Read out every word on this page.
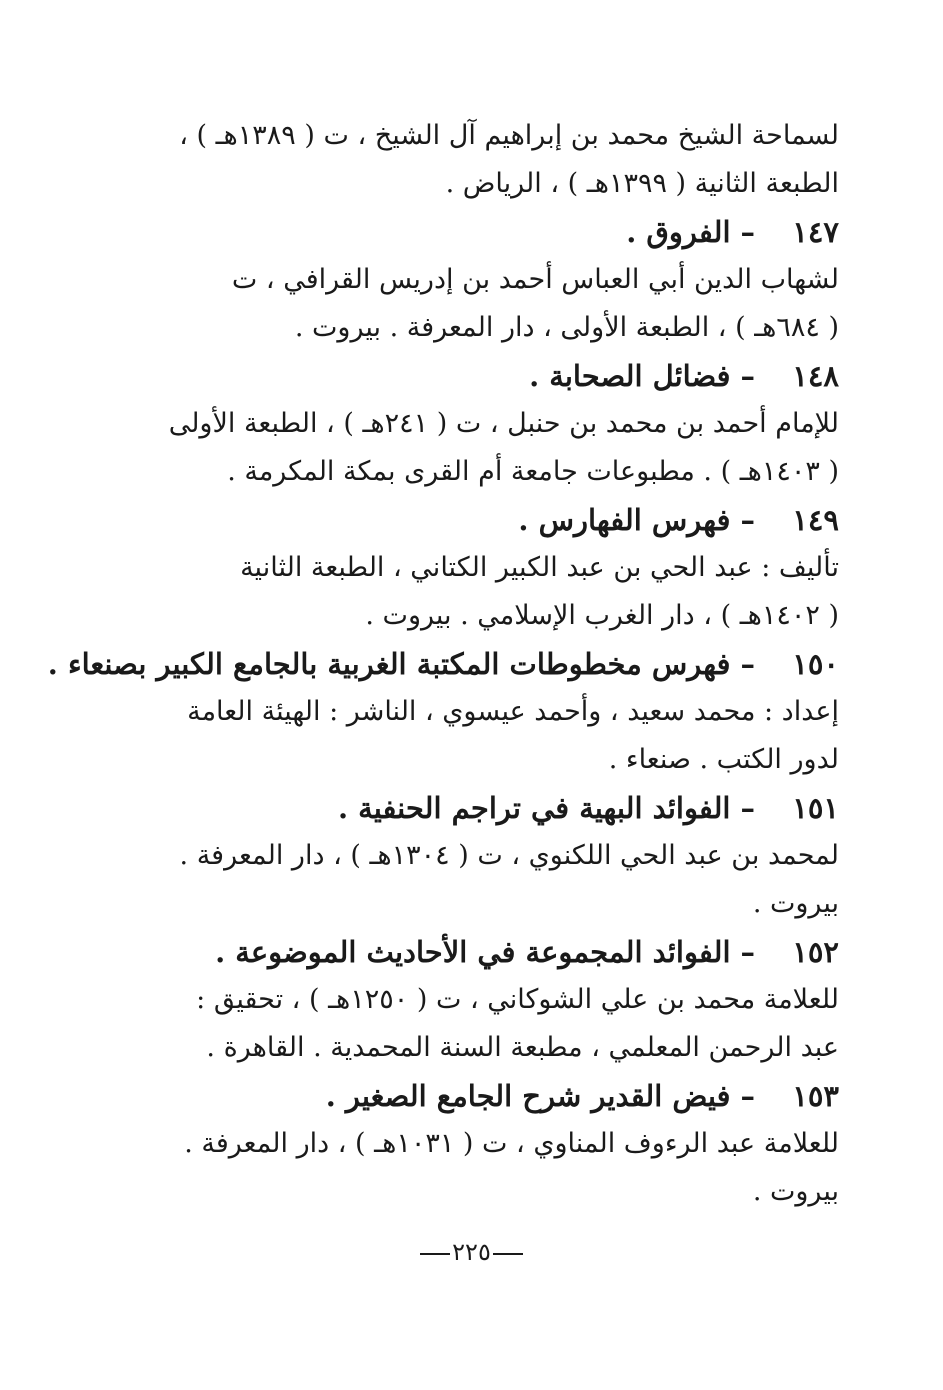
لسماحة الشيخ محمد بن إبراهيم آل الشيخ ، ت ( ١٣٨٩هـ ) ،
الطبعة الثانية ( ١٣٩٩هـ ) ، الرياض .

١٤٧–الفروق .

لشهاب الدين أبي العباس أحمد بن إدريس القرافي ، ت
( ٦٨٤هـ ) ، الطبعة الأولى ، دار المعرفة . بيروت .

١٤٨–فضائل الصحابة .

للإمام أحمد بن محمد بن حنبل ، ت ( ٢٤١هـ ) ، الطبعة الأولى
( ١٤٠٣هـ ) . مطبوعات جامعة أم القرى بمكة المكرمة .

١٤٩–فهرس الفهارس .

تأليف : عبد الحي بن عبد الكبير الكتاني ، الطبعة الثانية
( ١٤٠٢هـ ) ، دار الغرب الإسلامي . بيروت .

١٥٠–فهرس مخطوطات المكتبة الغربية بالجامع الكبير بصنعاء .

إعداد : محمد سعيد ، وأحمد عيسوي ، الناشر : الهيئة العامة
لدور الكتب . صنعاء .

١٥١–الفوائد البهية في تراجم الحنفية .

لمحمد بن عبد الحي اللكنوي ، ت ( ١٣٠٤هـ ) ، دار المعرفة .
بيروت .

١٥٢–الفوائد المجموعة في الأحاديث الموضوعة .

للعلامة محمد بن علي الشوكاني ، ت ( ١٢٥٠هـ ) ، تحقيق :
عبد الرحمن المعلمي ، مطبعة السنة المحمدية . القاهرة .

١٥٣–فيض القدير شرح الجامع الصغير .

للعلامة عبد الرءوف المناوي ، ت ( ١٠٣١هـ ) ، دار المعرفة .
بيروت .

٢٢٥
